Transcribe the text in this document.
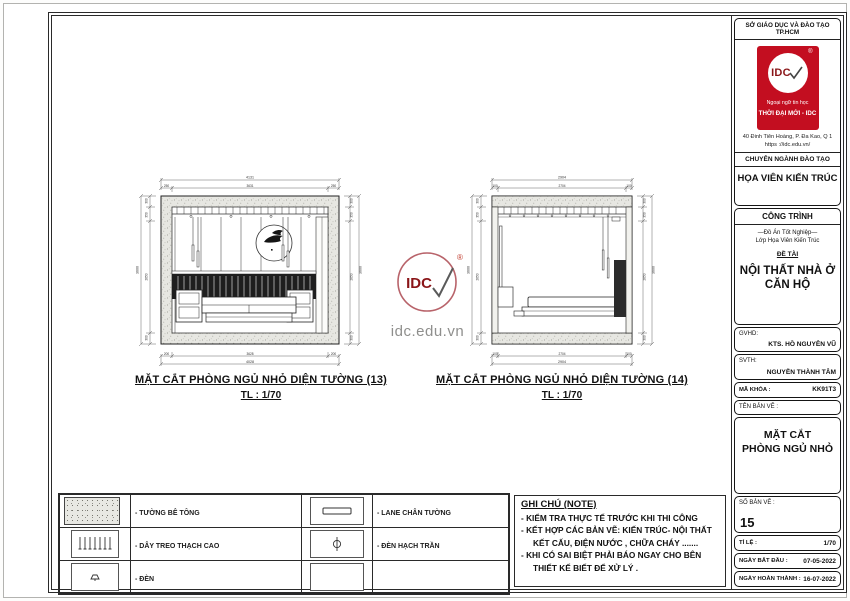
4131
250	3631	250
200	3628	200
4028
3600
300
350
2650
300
3600
300
350
2650
300
MẶT CẮT PHÒNG NGỦ NHỎ DIỆN TƯỜNG (13)
TL : 1/70
2904
100	2704	100
100	2704	100
2904
3600
300
350
2650
300
3600
300
350
2650
300
MẶT CẮT PHÒNG NGỦ NHỎ DIỆN TƯỜNG (14)
TL : 1/70
IDC
®
idc.edu.vn
	- TƯỜNG BÊ TÔNG		- LANE CHÂN TƯỜNG

	- DÂY TREO THẠCH CAO		- ĐÈN HẠCH TRẦN

	- ĐÈN	

GHI CHÚ (NOTE)
- KIỂM TRA THỰC TẾ TRƯỚC KHI THI CÔNG
- KẾT HỢP CÁC BẢN VẼ: KIẾN TRÚC- NỘI THẤT
KẾT CẤU, ĐIỆN NƯỚC , CHỮA CHÁY .......
- KHI CÓ SAI BIỆT PHẢI BÁO NGAY CHO BÊN
THIẾT KẾ BIẾT ĐỂ XỬ LÝ .
SỞ GIÁO DỤC VÀ ĐÀO TẠO TP.HCM
®
IDC
Ngoại ngữ tin học
THỜI ĐẠI MỚI - IDC
40 Đinh Tiên Hoàng, P. Đa Kao, Q 1
https ://idc.edu.vn/
CHUYÊN NGÀNH ĐÀO TẠO
HỌA VIÊN KIẾN TRÚC
CÔNG TRÌNH
—Đồ Án Tốt Nghiệp—
Lớp Họa Viên Kiến Trúc
ĐỀ TÀI
NỘI THẤT NHÀ Ở
CĂN HỘ
GVHD:
KTS. HỒ NGUYÊN VŨ
SVTH:
NGUYỄN THÀNH TÂM
MÃ KHÓA :	KK91T3
TÊN BẢN VẼ :
MẶT CẮT
PHÒNG NGỦ NHỎ
SỐ BẢN VẼ :
15
TỈ LỆ :	1/70
NGÀY BẮT ĐẦU : 07-05-2022
NGÀY HOÀN THÀNH : 16-07-2022
